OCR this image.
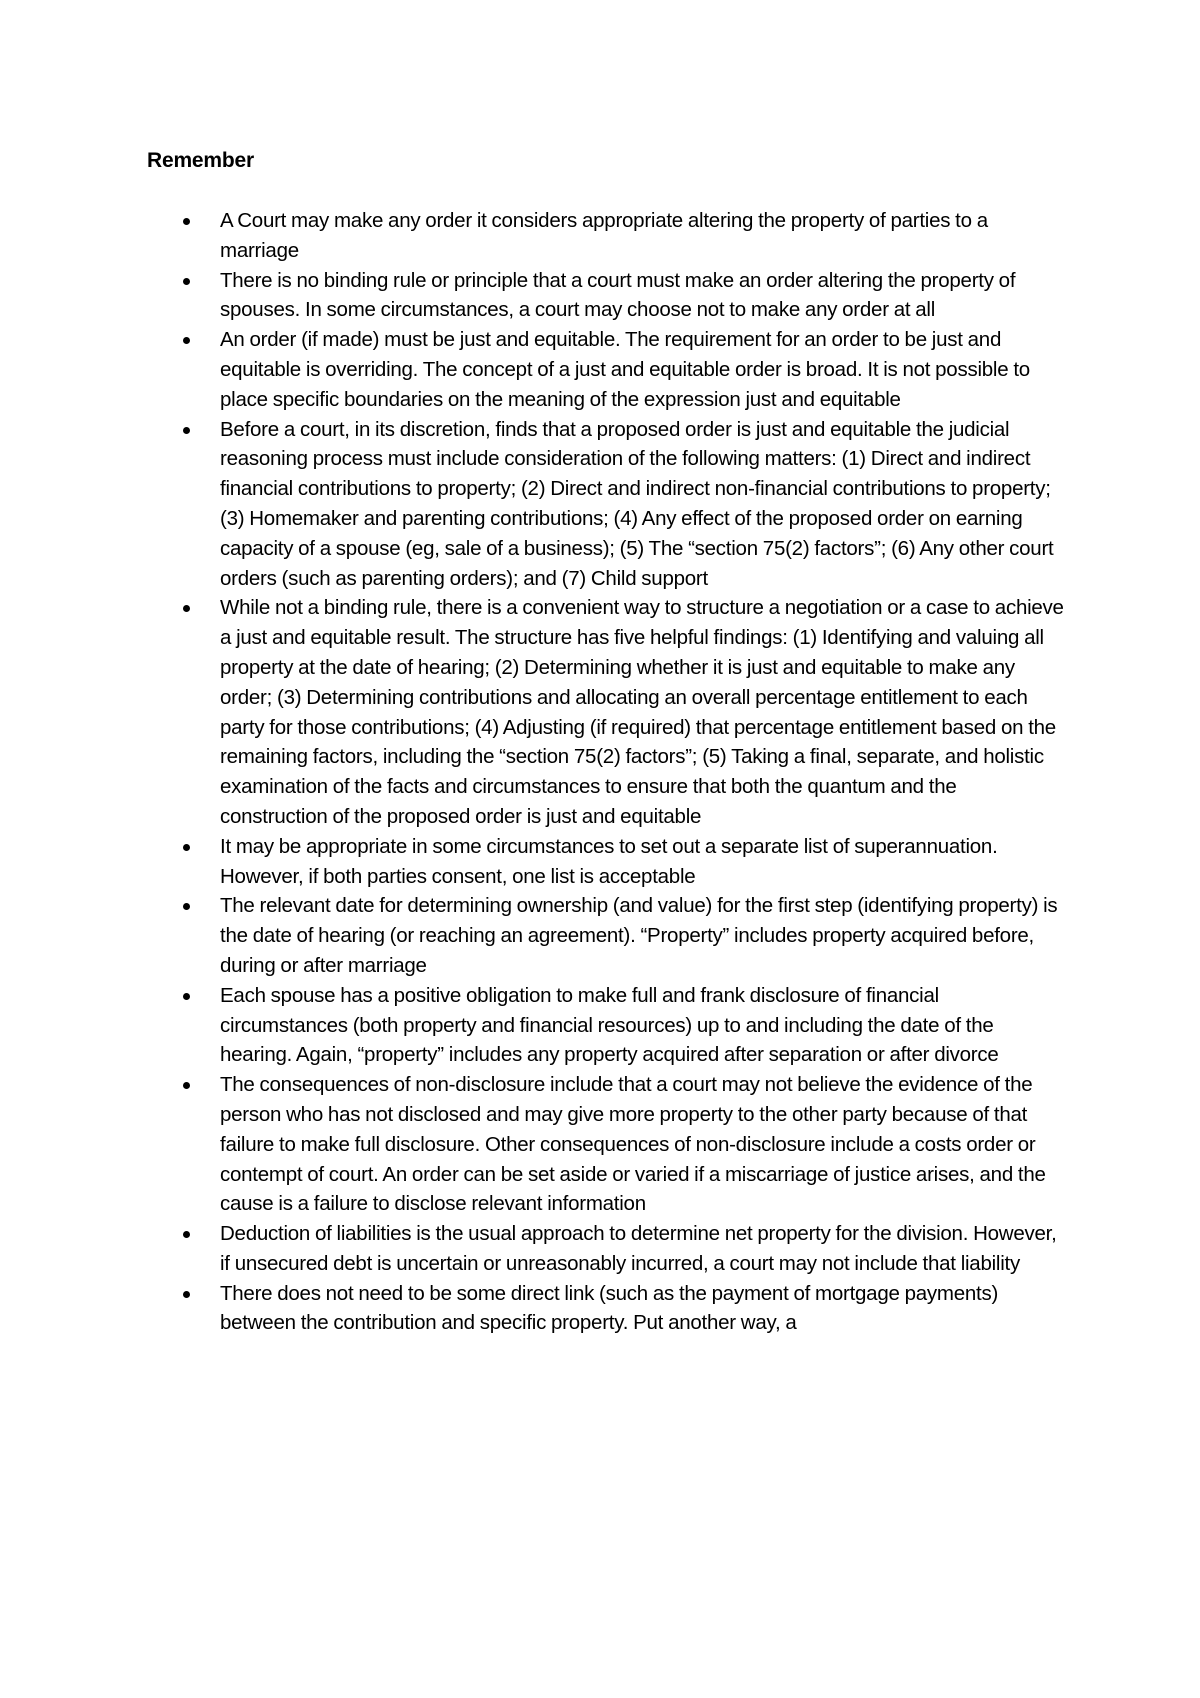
Remember
A Court may make any order it considers appropriate altering the property of parties to a marriage
There is no binding rule or principle that a court must make an order altering the property of spouses. In some circumstances, a court may choose not to make any order at all
An order (if made) must be just and equitable. The requirement for an order to be just and equitable is overriding. The concept of a just and equitable order is broad. It is not possible to place specific boundaries on the meaning of the expression just and equitable
Before a court, in its discretion, finds that a proposed order is just and equitable the judicial reasoning process must include consideration of the following matters: (1) Direct and indirect financial contributions to property; (2) Direct and indirect non-financial contributions to property; (3) Homemaker and parenting contributions; (4) Any effect of the proposed order on earning capacity of a spouse (eg, sale of a business); (5) The “section 75(2) factors”; (6) Any other court orders (such as parenting orders); and (7) Child support
While not a binding rule, there is a convenient way to structure a negotiation or a case to achieve a just and equitable result. The structure has five helpful findings: (1) Identifying and valuing all property at the date of hearing; (2) Determining whether it is just and equitable to make any order; (3) Determining contributions and allocating an overall percentage entitlement to each party for those contributions; (4) Adjusting (if required) that percentage entitlement based on the remaining factors, including the “section 75(2) factors”; (5) Taking a final, separate, and holistic examination of the facts and circumstances to ensure that both the quantum and the construction of the proposed order is just and equitable
It may be appropriate in some circumstances to set out a separate list of superannuation. However, if both parties consent, one list is acceptable
The relevant date for determining ownership (and value) for the first step (identifying property) is the date of hearing (or reaching an agreement). “Property” includes property acquired before, during or after marriage
Each spouse has a positive obligation to make full and frank disclosure of financial circumstances (both property and financial resources) up to and including the date of the hearing. Again, “property” includes any property acquired after separation or after divorce
The consequences of non-disclosure include that a court may not believe the evidence of the person who has not disclosed and may give more property to the other party because of that failure to make full disclosure. Other consequences of non-disclosure include a costs order or contempt of court. An order can be set aside or varied if a miscarriage of justice arises, and the cause is a failure to disclose relevant information
Deduction of liabilities is the usual approach to determine net property for the division. However, if unsecured debt is uncertain or unreasonably incurred, a court may not include that liability
There does not need to be some direct link (such as the payment of mortgage payments) between the contribution and specific property. Put another way, a
